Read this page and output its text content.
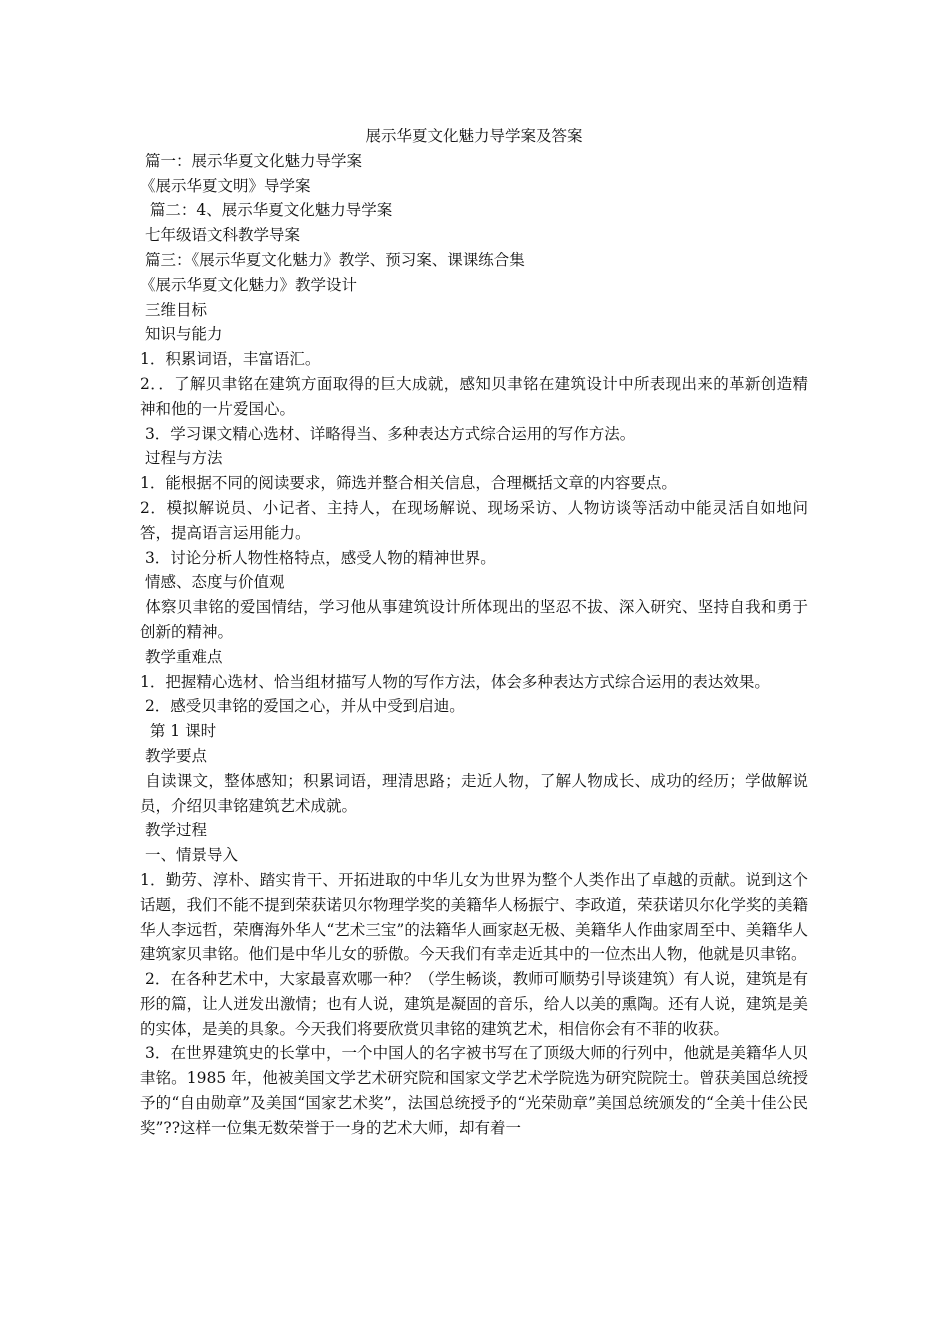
展示华夏文化魅力导学案及答案

篇一：展示华夏文化魅力导学案

《展示华夏文明》导学案

篇二：4、展示华夏文化魅力导学案

七年级语文科教学导案

篇三：《展示华夏文化魅力》教学、预习案、课课练合集

《展示华夏文化魅力》教学设计

三维目标

知识与能力

1．积累词语，丰富语汇。

2．．了解贝聿铭在建筑方面取得的巨大成就，感知贝聿铭在建筑设计中所表现出来的革新创造精神和他的一片爱国心。

3．学习课文精心选材、详略得当、多种表达方式综合运用的写作方法。

过程与方法

1．能根据不同的阅读要求，筛选并整合相关信息，合理概括文章的内容要点。

2．模拟解说员、小记者、主持人，在现场解说、现场采访、人物访谈等活动中能灵活自如地问答，提高语言运用能力。

3．讨论分析人物性格特点，感受人物的精神世界。

情感、态度与价值观

体察贝聿铭的爱国情结，学习他从事建筑设计所体现出的坚忍不拔、深入研究、坚持自我和勇于创新的精神。

教学重难点

1．把握精心选材、恰当组材描写人物的写作方法，体会多种表达方式综合运用的表达效果。

2．感受贝聿铭的爱国之心，并从中受到启迪。

第 1 课时

教学要点

自读课文，整体感知；积累词语，理清思路；走近人物，了解人物成长、成功的经历；学做解说员，介绍贝聿铭建筑艺术成就。

教学过程

一、情景导入

1．勤劳、淳朴、踏实肯干、开拓进取的中华儿女为世界为整个人类作出了卓越的贡献。说到这个话题，我们不能不提到荣获诺贝尔物理学奖的美籍华人杨振宁、李政道，荣获诺贝尔化学奖的美籍华人李远哲，荣膺海外华人“艺术三宝”的法籍华人画家赵无极、美籍华人作曲家周至中、美籍华人建筑家贝聿铭。他们是中华儿女的骄傲。今天我们有幸走近其中的一位杰出人物，他就是贝聿铭。

2．在各种艺术中，大家最喜欢哪一种？（学生畅谈，教师可顺势引导谈建筑）有人说，建筑是有形的篇，让人迸发出激情；也有人说，建筑是凝固的音乐，给人以美的熏陶。还有人说，建筑是美的实体，是美的具象。今天我们将要欣赏贝聿铭的建筑艺术，相信你会有不菲的收获。

3．在世界建筑史的长掌中，一个中国人的名字被书写在了顶级大师的行列中，他就是美籍华人贝聿铭。1985 年，他被美国文学艺术研究院和国家文学艺术学院选为研究院院士。曾获美国总统授予的“自由勋章”及美国“国家艺术奖”，法国总统授予的“光荣勋章”美国总统颁发的“全美十佳公民奖”??这样一位集无数荣誉于一身的艺术大师，却有着一
